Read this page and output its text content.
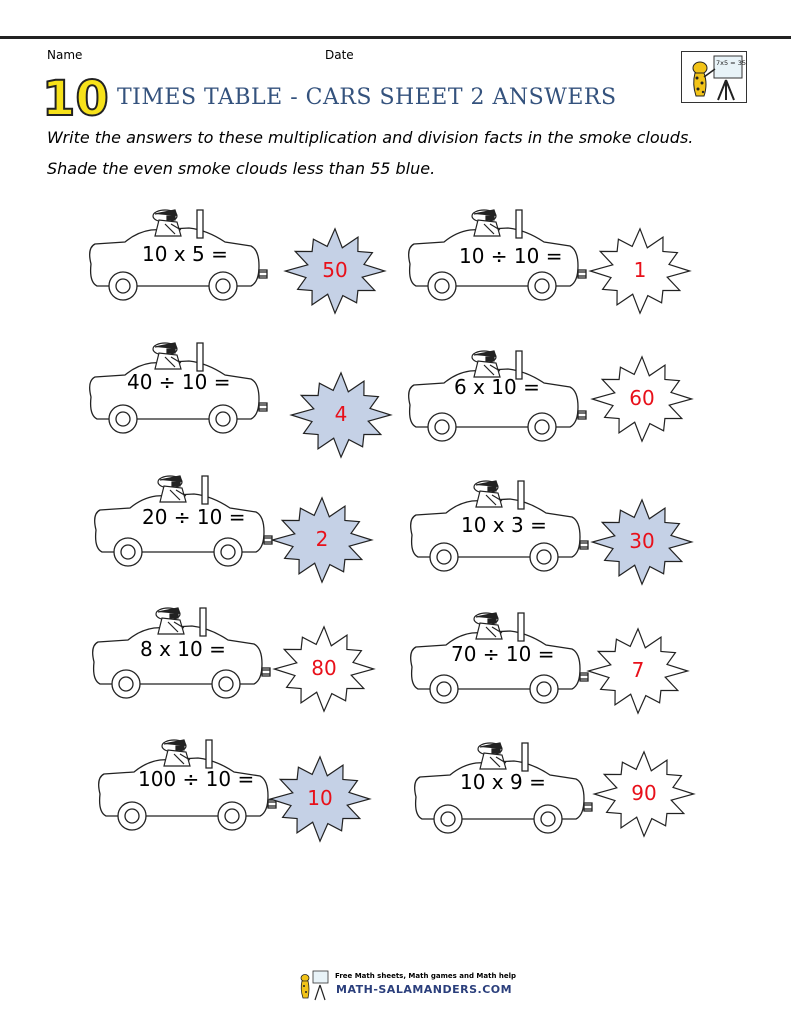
Name	Date
10 TIMES TABLE - CARS SHEET 2 ANSWERS
7x5 = 35
Write the answers to these multiplication and division facts in the smoke clouds.
Shade the even smoke clouds less than 55 blue.
10 x 5 =
50
10 ÷ 10 =
1
40 ÷ 10 =
4
6 x 10 =	60
20 ÷ 10 =
2
10 x 3 =
30
8 x 10 =
80
70 ÷ 10 =
7
100 ÷ 10 =
10
10 x 9 =	90
Free Math sheets, Math games and Math help
MATH-SALAMANDERS.COM
